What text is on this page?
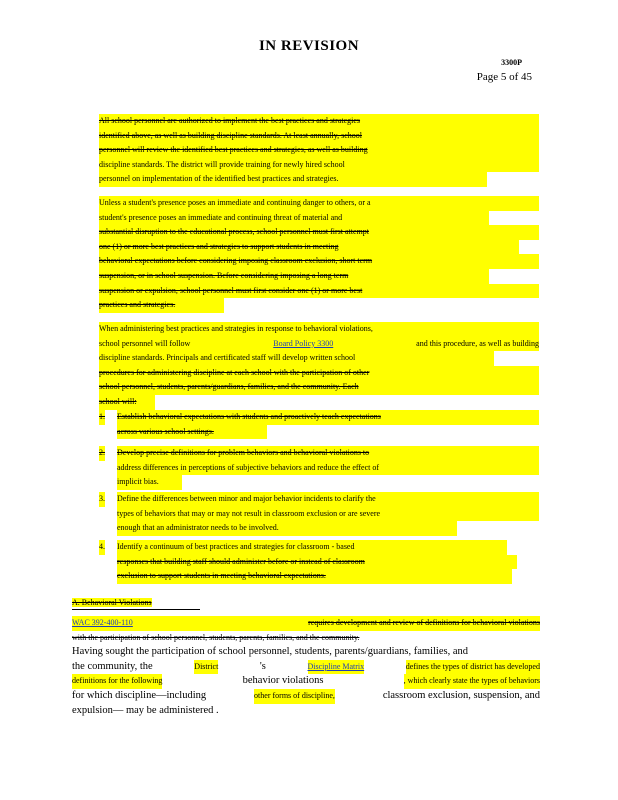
IN REVISION
3300P
Page 5 of 45
All school personnel are authorized to implement the best practices and strategies
identified above, as well as building discipline standards. At least annually, school
personnel will review the identified best practices and strategies, as well as building
discipline standards. The district will provide training for newly hired school
personnel on implementation of the identified best practices and strategies.
Unless a student's presence poses an immediate and continuing danger to others, or a
student's presence poses an immediate and continuing threat of material and
substantial disruption to the educational process, school personnel must first attempt
one (1) or more best practices and strategies to support students in meeting
behavioral expectations before considering imposing classroom exclusion, short term
suspension, or in school suspension. Before considering imposing a long term
suspension or expulsion, school personnel must first consider one (1) or more best
practices and strategies.
When administering best practices and strategies in response to behavioral violations,
school personnel will follow	Board Policy 3300	and this procedure, as well as building
discipline standards. Principals and certificated staff will develop written school
procedures for administering discipline at each school with the participation of other
school personnel, students, parents/guardians, families, and the community. Each
school will:
1. Establish behavioral expectations with students and proactively teach expectations
across various school settings.
2. Develop precise definitions for problem behaviors and behavioral violations to
address differences in perceptions of subjective behaviors and reduce the effect of
implicit bias.
3. Define the differences between minor and major behavior incidents to clarify the
types of behaviors that may or may not result in classroom exclusion or are severe
enough that an administrator needs to be involved.
4. Identify a continuum of best practices and strategies for classroom - based
responses that building staff should administer before or instead of classroom
exclusion to support students in meeting behavioral expectations.
A. Behavioral Violations
WAC 392-400-110	requires development and review of definitions for behavioral violations
with the participation of school personnel, students, parents, families, and the community.
Having sought the participation of school personnel, students, parents/guardians, families, and
the community, the	District	's	Discipline Matrix	defines the types of district has developed
definitions for the following	behavior violations	, which clearly state the types of behaviors
for which discipline—including	other forms of discipline,	classroom exclusion, suspension, and
expulsion— may be administered .
